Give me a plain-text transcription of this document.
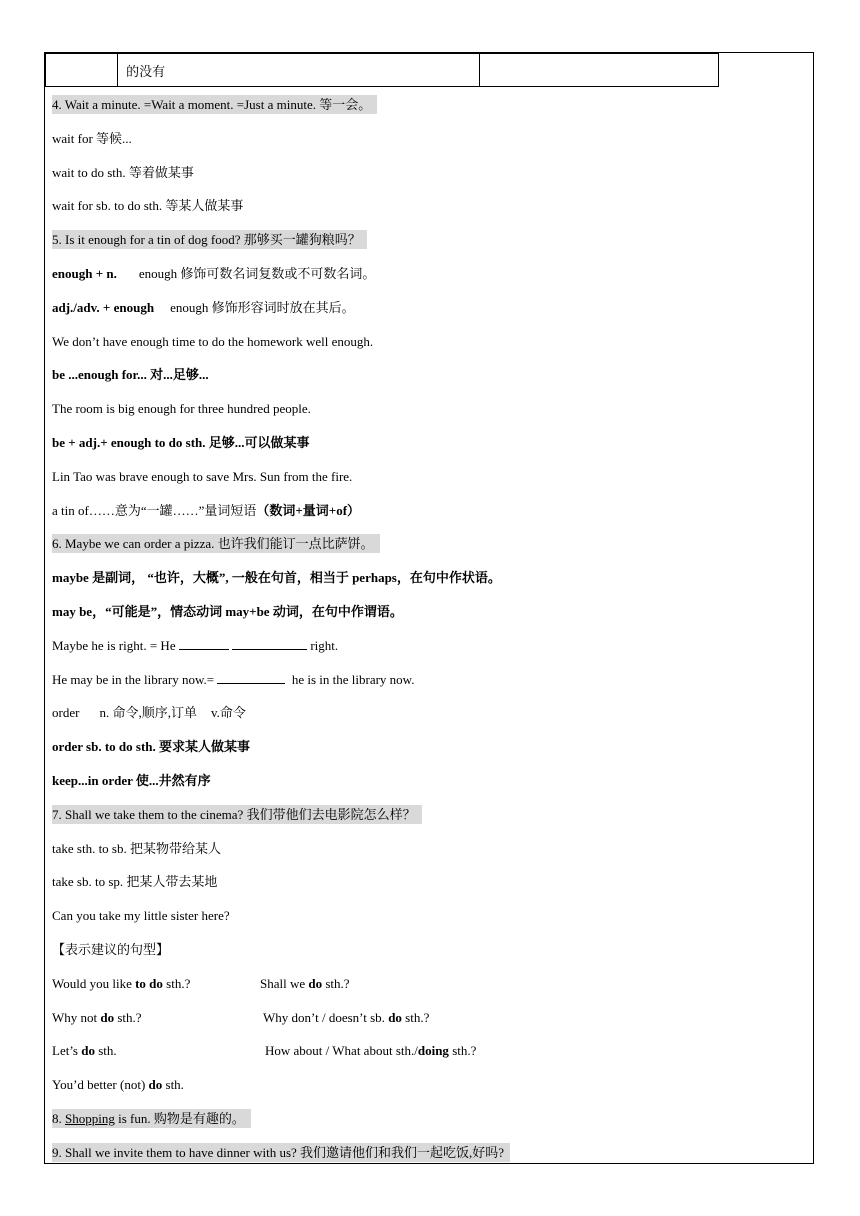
	的没有	
4. Wait a minute. =Wait a moment. =Just a minute. 等一会。
wait for 等候...
wait to do sth. 等着做某事
wait for sb. to do sth. 等某人做某事
5. Is it enough for a tin of dog food? 那够买一罐狗粮吗？
enough + n. enough 修饰可数名词复数或不可数名词。
adj./adv. + enough enough 修饰形容词时放在其后。
We don’t have enough time to do the homework well enough.
be ...enough for... 对...足够...
The room is big enough for three hundred people.
be + adj.+ enough to do sth. 足够...可以做某事
Lin Tao was brave enough to save Mrs. Sun from the fire.
a tin of……意为“一罐……”量词短语（数词+量词+of）
6. Maybe we can order a pizza. 也许我们能订一点比萨饼。
maybe 是副词， “也许，大概”, 一般在句首，相当于 perhaps，在句中作状语。
may be，“可能是”，情态动词 may+be 动词，在句中作谓语。
Maybe he is right. = He	right.
He may be in the library now.=	he is in the library now.
order n. 命令,顺序,订单 v.命令
order sb. to do sth. 要求某人做某事
keep...in order 使...井然有序
7. Shall we take them to the cinema? 我们带他们去电影院怎么样？
take sth. to sb. 把某物带给某人
take sb. to sp. 把某人带去某地
Can you take my little sister here?
【表示建议的句型】
Would you like to do sth.?	Shall we do sth.?
Why not do sth.?	Why don’t / doesn’t sb. do sth.?
Let’s do sth.	How about / What about sth./doing sth.?
You’d better (not) do sth.
8. Shopping is fun. 购物是有趣的。
9. Shall we invite them to have dinner with us? 我们邀请他们和我们一起吃饭,好吗?
